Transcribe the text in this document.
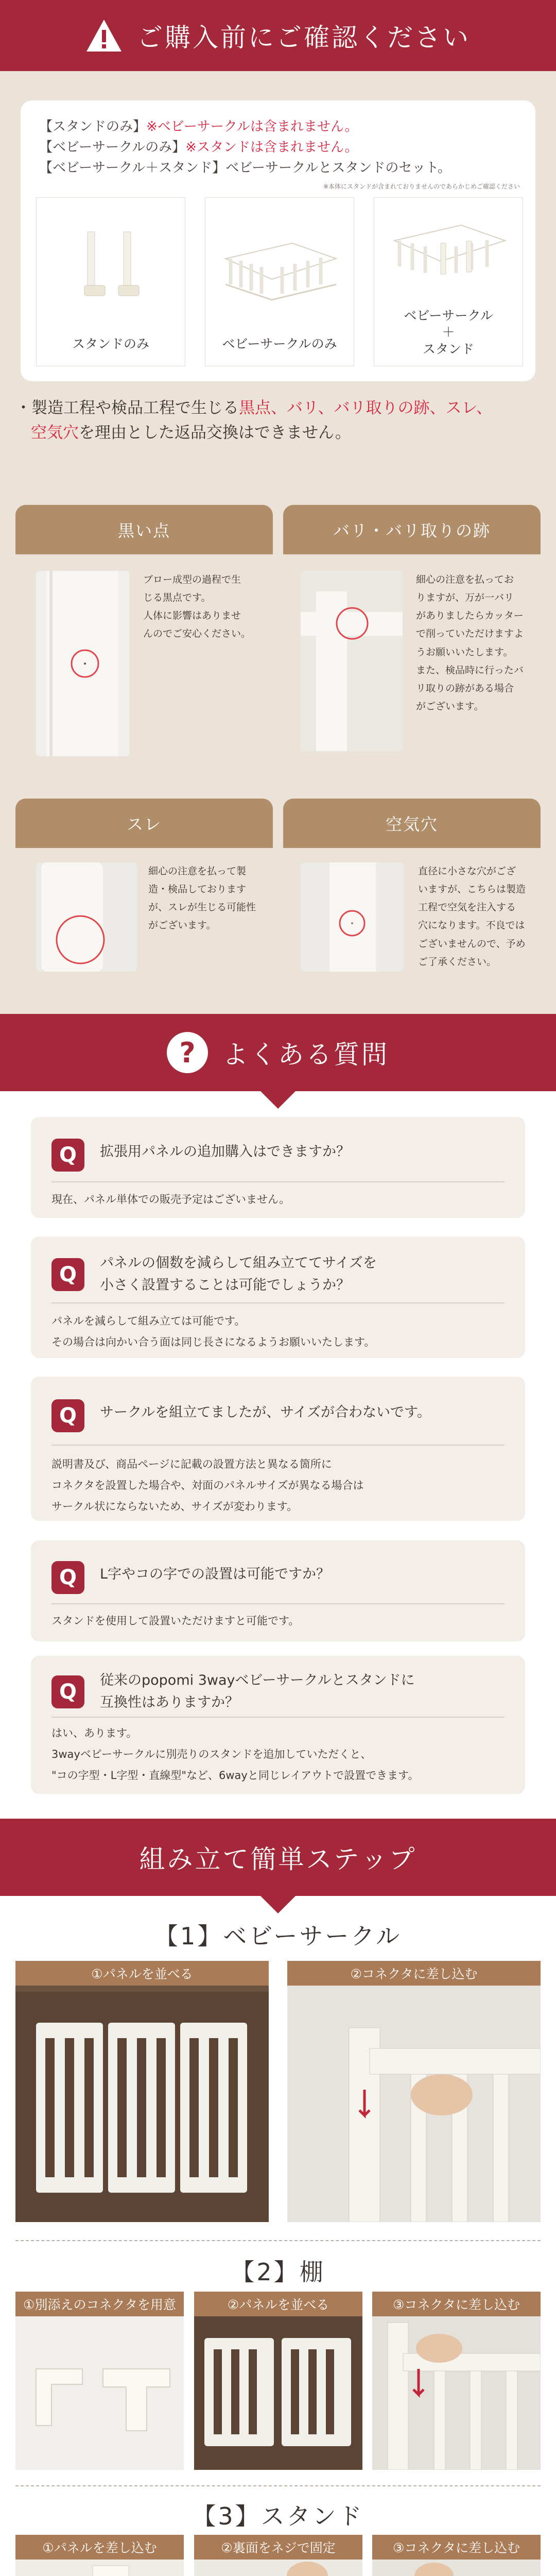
ご購入前にご確認ください
【スタンドのみ】※ベビーサークルは含まれません。
【ベビーサークルのみ】※スタンドは含まれません。
【ベビーサークル＋スタンド】ベビーサークルとスタンドのセット。
※本体にスタンドが含まれておりませんのであらかじめご確認ください
スタンドのみ	ベビーサークルのみ
ベビーサークル
＋
スタンド
・製造工程や検品工程で生じる黒点、バリ、バリ取りの跡、スレ、
空気穴を理由とした返品交換はできません。
黒い点
ブロー成型の過程で生
じる黒点です。
人体に影響はありませ
んのでご安心ください。
バリ・バリ取りの跡
細心の注意を払ってお
りますが、万が一バリ
がありましたらカッター
で削っていただけますよ
うお願いいたします。
また、検品時に行ったバ
リ取りの跡がある場合
がございます。
スレ
細心の注意を払って製
造・検品しております
が、スレが生じる可能性
がございます。
空気穴
直径に小さな穴がござ
いますが、こちらは製造
工程で空気を注入する
穴になります。不良では
ございませんので、予め
ご了承ください。
?	よくある質問
Q	拡張用パネルの追加購入はできますか？
現在、パネル単体での販売予定はございません。
Q	パネルの個数を減らして組み立ててサイズを
小さく設置することは可能でしょうか？
パネルを減らして組み立ては可能です。
その場合は向かい合う面は同じ長さになるようお願いいたします。
Q	サークルを組立てましたが、サイズが合わないです。
説明書及び、商品ページに記載の設置方法と異なる箇所に
コネクタを設置した場合や、対面のパネルサイズが異なる場合は
サークル状にならないため、サイズが変わります。
Q	L字やコの字での設置は可能ですか？
スタンドを使用して設置いただけますと可能です。
Q	従来のpopomi 3wayベビーサークルとスタンドに
互換性はありますか？
はい、あります。
3wayベビーサークルに別売りのスタンドを追加していただくと、
"コの字型・L字型・直線型"など、6wayと同じレイアウトで設置できます。
組み立て簡単ステップ
【1】ベビーサークル
①パネルを並べる	②コネクタに差し込む
【2】棚
①別添えのコネクタを用意	②パネルを並べる	③コネクタに差し込む
【3】スタンド
①パネルを差し込む	②裏面をネジで固定	③コネクタに差し込む
